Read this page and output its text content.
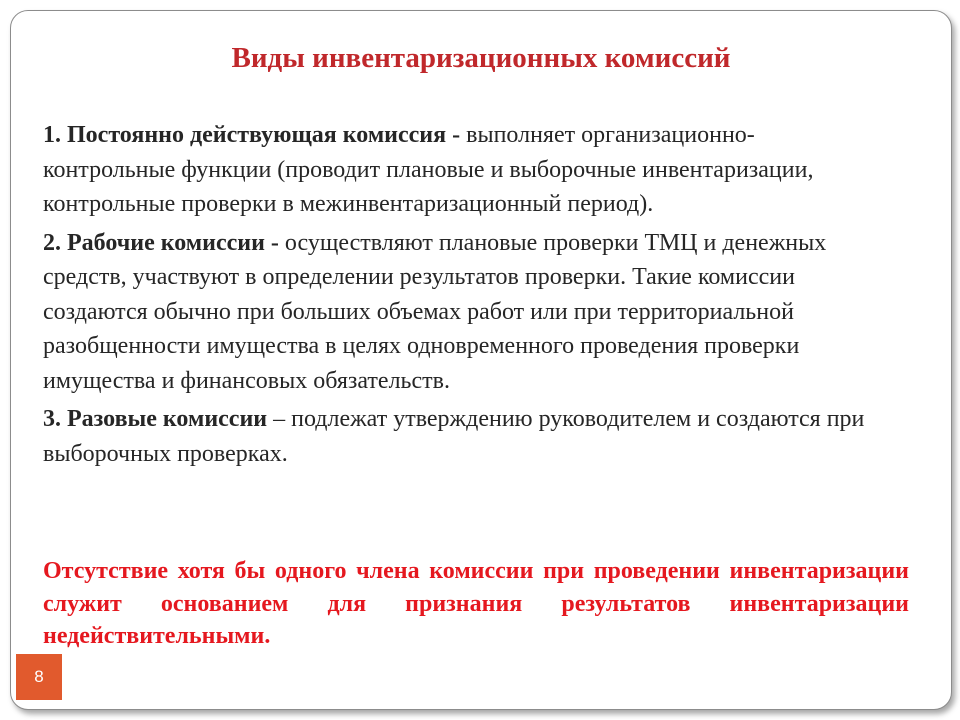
Виды инвентаризационных комиссий

1. Постоянно действующая комиссия - выполняет организационно-контрольные функции (проводит плановые и выборочные инвентаризации, контрольные проверки в межинвентаризационный период).

2. Рабочие комиссии - осуществляют плановые проверки ТМЦ и денежных средств, участвуют в определении результатов проверки. Такие комиссии создаются обычно при больших объемах работ или при территориальной разобщенности имущества в целях одновременного проведения проверки имущества и финансовых обязательств.

3. Разовые комиссии – подлежат утверждению руководителем и создаются при выборочных проверках.

Отсутствие хотя бы одного члена комиссии при проведении инвентаризации служит основанием для признания результатов инвентаризации недействительными.

8
